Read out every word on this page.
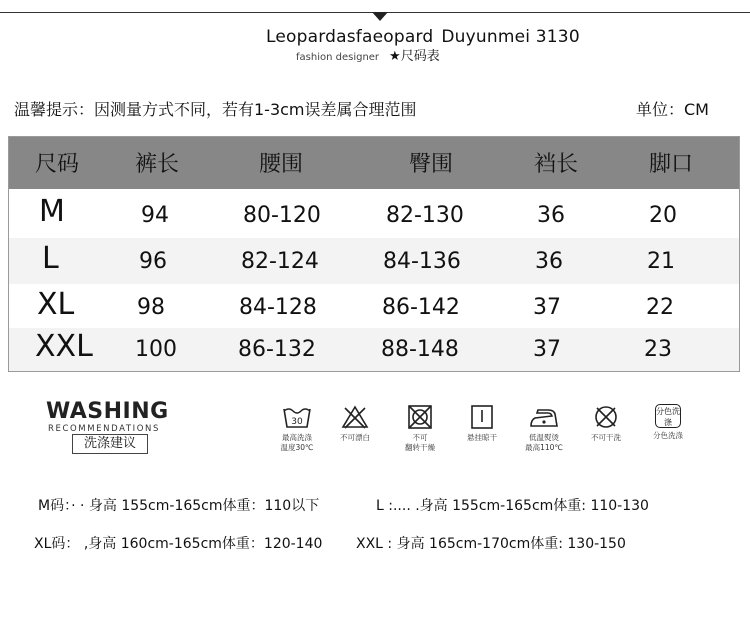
Leopardasfaeopard Duyunmei 3130
fashion designer ★尺码表
温馨提示：因测量方式不同，若有1-3cm误差属合理范围	单位：CM
尺码	裤长	腰围	臀围	裆长	脚口
M	94	80-120	82-130	36	20
L	96	82-124	84-136	36	21
XL	98	84-128	86-142	37	22
XXL 100	86-132	88-148	37	23
WASHING
RECOMMENDATIONS
洗涤建议
30
最高洗涤
温度30℃
不可漂白	不可
翻转干燥
悬挂晾干	低温熨烫
最高110℃
不可干洗

分色洗涤
分色洗涤

M码：· · 身高 155cm-165cm体重：110以下	L :.... .身高 155cm-165cm体重: 110-130
XL码： ,身高 160cm-165cm体重：120-140 XXL : 身高 165cm-170cm体重: 130-150
